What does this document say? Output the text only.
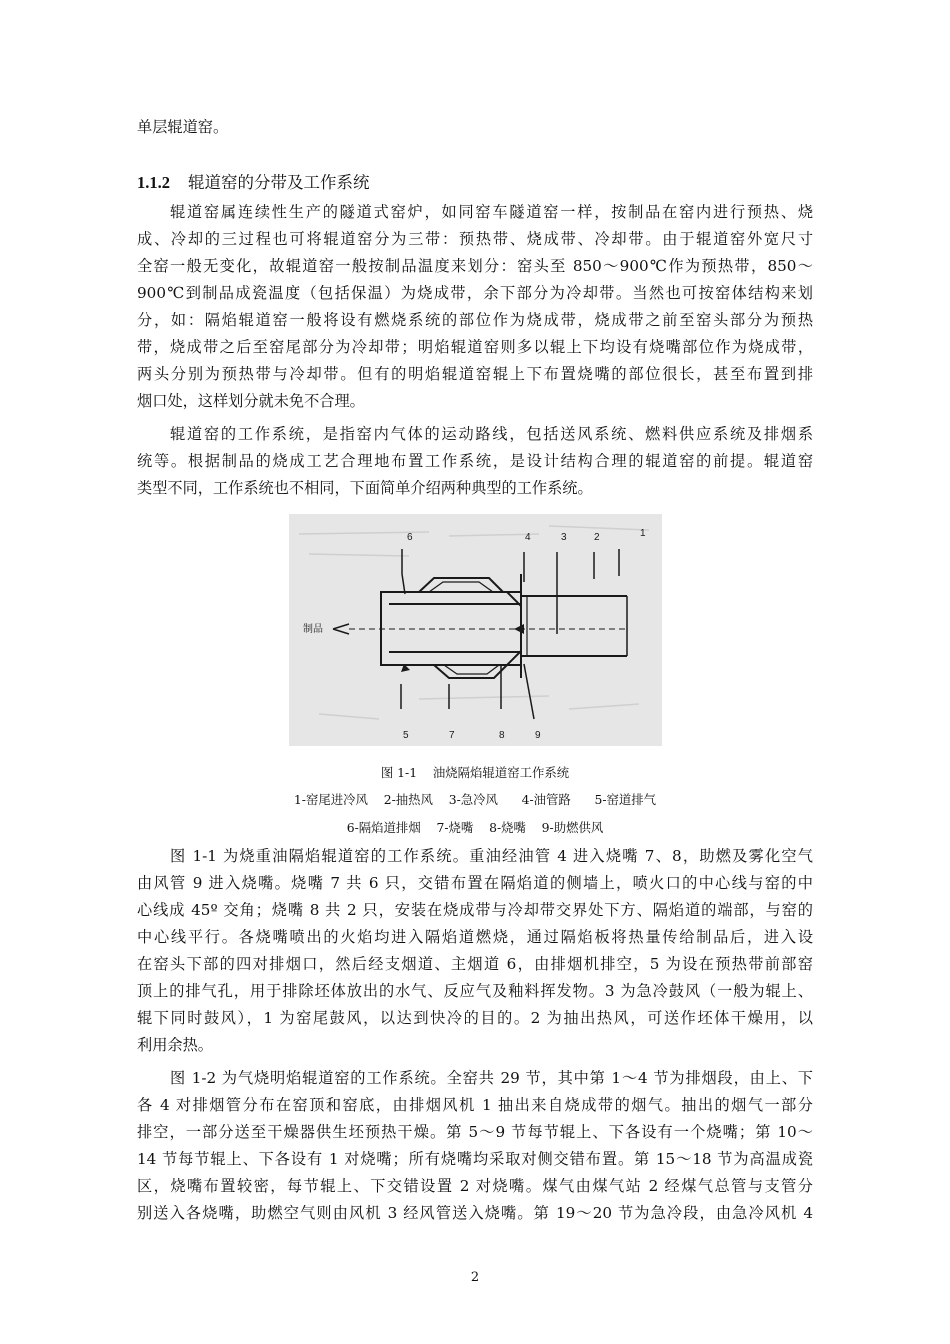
单层辊道窑。
1.1.2 辊道窑的分带及工作系统
辊道窑属连续性生产的隧道式窑炉，如同窑车隧道窑一样，按制品在窑内进行预热、烧
成、冷却的三过程也可将辊道窑分为三带：预热带、烧成带、冷却带。由于辊道窑外宽尺寸
全窑一般无变化，故辊道窑一般按制品温度来划分：窑头至 850～900℃作为预热带，850～
900℃到制品成瓷温度（包括保温）为烧成带，余下部分为冷却带。当然也可按窑体结构来划
分，如：隔焰辊道窑一般将设有燃烧系统的部位作为烧成带，烧成带之前至窑头部分为预热
带，烧成带之后至窑尾部分为冷却带；明焰辊道窑则多以辊上下均设有烧嘴部位作为烧成带，
两头分别为预热带与冷却带。但有的明焰辊道窑辊上下布置烧嘴的部位很长，甚至布置到排
烟口处，这样划分就未免不合理。
辊道窑的工作系统，是指窑内气体的运动路线，包括送风系统、燃料供应系统及排烟系
统等。根据制品的烧成工艺合理地布置工作系统，是设计结构合理的辊道窑的前提。辊道窑
类型不同，工作系统也不相同，下面简单介绍两种典型的工作系统。
制品
6	4	3	2	1
5	7	8	9
图 1-1    油烧隔焰辊道窑工作系统
1-窑尾进冷风    2-抽热风    3-急冷风      4-油管路      5-窑道排气
6-隔焰道排烟    7-烧嘴    8-烧嘴    9-助燃供风
图 1-1 为烧重油隔焰辊道窑的工作系统。重油经油管 4 进入烧嘴 7、8，助燃及雾化空气
由风管 9 进入烧嘴。烧嘴 7 共 6 只，交错布置在隔焰道的侧墙上，喷火口的中心线与窑的中
心线成 45º 交角；烧嘴 8 共 2 只，安装在烧成带与冷却带交界处下方、隔焰道的端部，与窑的
中心线平行。各烧嘴喷出的火焰均进入隔焰道燃烧，通过隔焰板将热量传给制品后，进入设
在窑头下部的四对排烟口，然后经支烟道、主烟道 6，由排烟机排空，5 为设在预热带前部窑
顶上的排气孔，用于排除坯体放出的水气、反应气及釉料挥发物。3 为急冷鼓风（一般为辊上、
辊下同时鼓风），1 为窑尾鼓风，以达到快冷的目的。2 为抽出热风，可送作坯体干燥用，以
利用余热。
图 1-2 为气烧明焰辊道窑的工作系统。全窑共 29 节，其中第 1～4 节为排烟段，由上、下
各 4 对排烟管分布在窑顶和窑底，由排烟风机 1 抽出来自烧成带的烟气。抽出的烟气一部分
排空，一部分送至干燥器供生坯预热干燥。第 5～9 节每节辊上、下各设有一个烧嘴；第 10～
14 节每节辊上、下各设有 1 对烧嘴；所有烧嘴均采取对侧交错布置。第 15～18 节为高温成瓷
区，烧嘴布置较密，每节辊上、下交错设置 2 对烧嘴。煤气由煤气站 2 经煤气总管与支管分
别送入各烧嘴，助燃空气则由风机 3 经风管送入烧嘴。第 19～20 节为急冷段，由急冷风机 4
2
